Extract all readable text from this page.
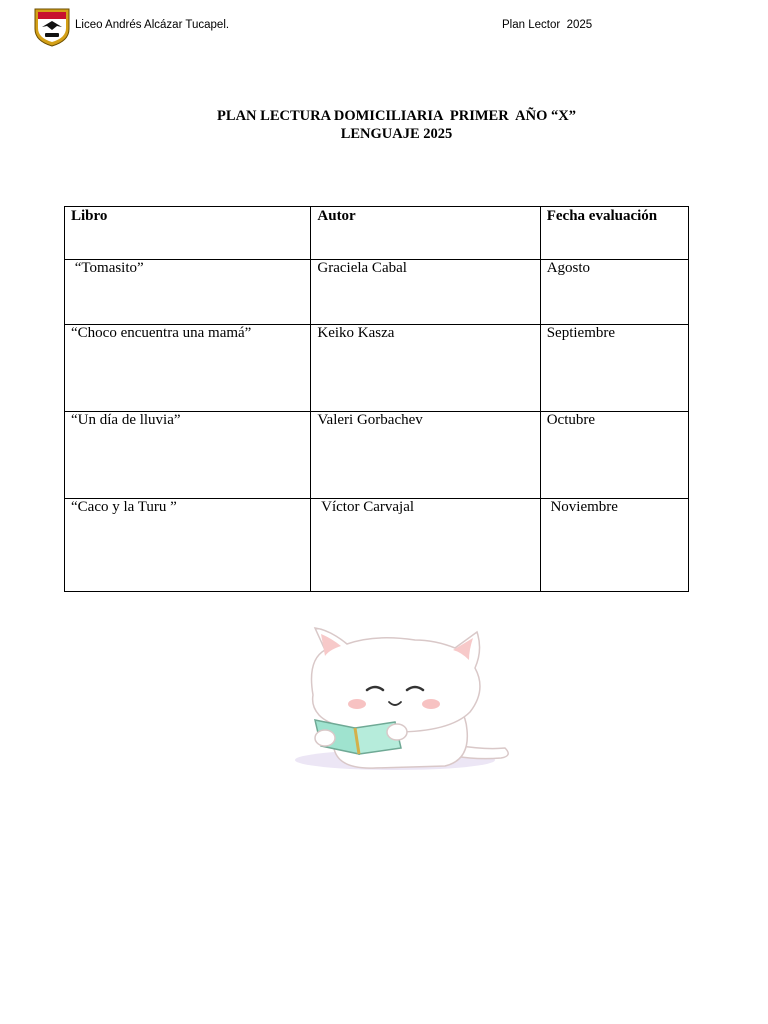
Liceo Andrés Alcázar Tucapel.	Plan Lector  2025
PLAN LECTURA DOMICILIARIA  PRIMER  AÑO “X”
LENGUAJE 2025
Libro	Autor	Fecha evaluación
“Tomasito”	Graciela Cabal	Agosto
“Choco encuentra una mamá”	Keiko Kasza	Septiembre
“Un día de lluvia”	Valeri Gorbachev	Octubre
“Caco y la Turu ”	Víctor Carvajal	Noviembre
